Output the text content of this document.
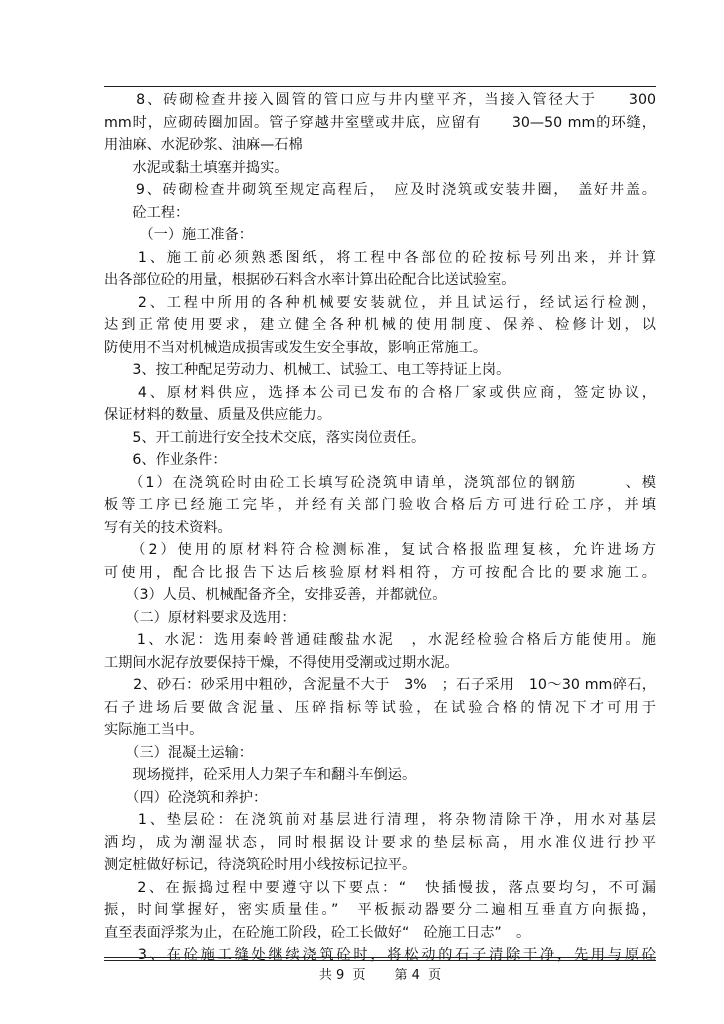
　　8、砖砌检查井接入圆管的管口应与井内壁平齐，当接入管径大于　　300
mm时，应砌砖圈加固。管子穿越井室壁或井底，应留有　　30—50 mm的环缝，
用油麻、水泥砂浆、油麻—石棉
　　水泥或黏土填塞并捣实。
　　9、砖砌检查井砌筑至规定高程后，　应及时浇筑或安装井圈，　盖好井盖。
　　砼工程：
　　　（一）施工准备：
　　1、施工前必须熟悉图纸，将工程中各部位的砼按标号列出来，并计算
出各部位砼的用量，根据砂石料含水率计算出砼配合比送试验室。
　　2、工程中所用的各种机械要安装就位，并且试运行，经试运行检测，
达到正常使用要求，建立健全各种机械的使用制度、保养、检修计划，以
防使用不当对机械造成损害或发生安全事故，影响正常施工。
　　3、按工种配足劳动力、机械工、试验工、电工等持证上岗。
　　4、原材料供应，选择本公司已发布的合格厂家或供应商，签定协议，
保证材料的数量、质量及供应能力。
　　5、开工前进行安全技术交底，落实岗位责任。
　　6、作业条件：
　　（1）在浇筑砼时由砼工长填写砼浇筑申请单，浇筑部位的钢筋　　　、模
板等工序已经施工完毕，并经有关部门验收合格后方可进行砼工序，并填
写有关的技术资料。
　　（2）使用的原材料符合检测标准，复试合格报监理复核，允许进场方
可使用，配合比报告下达后核验原材料相符，方可按配合比的要求施工。
　　（3）人员、机械配备齐全，安排妥善，并都就位。
　　（二）原材料要求及选用：
　　1、水泥：选用秦岭普通硅酸盐水泥　，水泥经检验合格后方能使用。施
工期间水泥存放要保持干燥，不得使用受潮或过期水泥。
　　2、砂石：砂采用中粗砂，含泥量不大于　3%　；石子采用　10～30 mm碎石，
石子进场后要做含泥量、压碎指标等试验，在试验合格的情况下才可用于
实际施工当中。
　　（三）混凝土运输：
　　现场搅拌，砼采用人力架子车和翻斗车倒运。
　　（四）砼浇筑和养护：
　　1、垫层砼：在浇筑前对基层进行清理，将杂物清除干净，用水对基层
洒均，成为潮湿状态，同时根据设计要求的垫层标高，用水准仪进行抄平
测定桩做好标记，待浇筑砼时用小线按标记拉平。
　　2、在振捣过程中要遵守以下要点：“　快插慢拔，落点要均匀，不可漏
振，时间掌握好，密实质量佳。”　平板振动器要分二遍相互垂直方向振捣，
直至表面浮浆为止，在砼施工阶段，砼工长做好“　砼施工日志”　。
　　3、在砼施工缝处继续浇筑砼时，将松动的石子清除干净，先用与原砼
共 9  页       第 4  页
